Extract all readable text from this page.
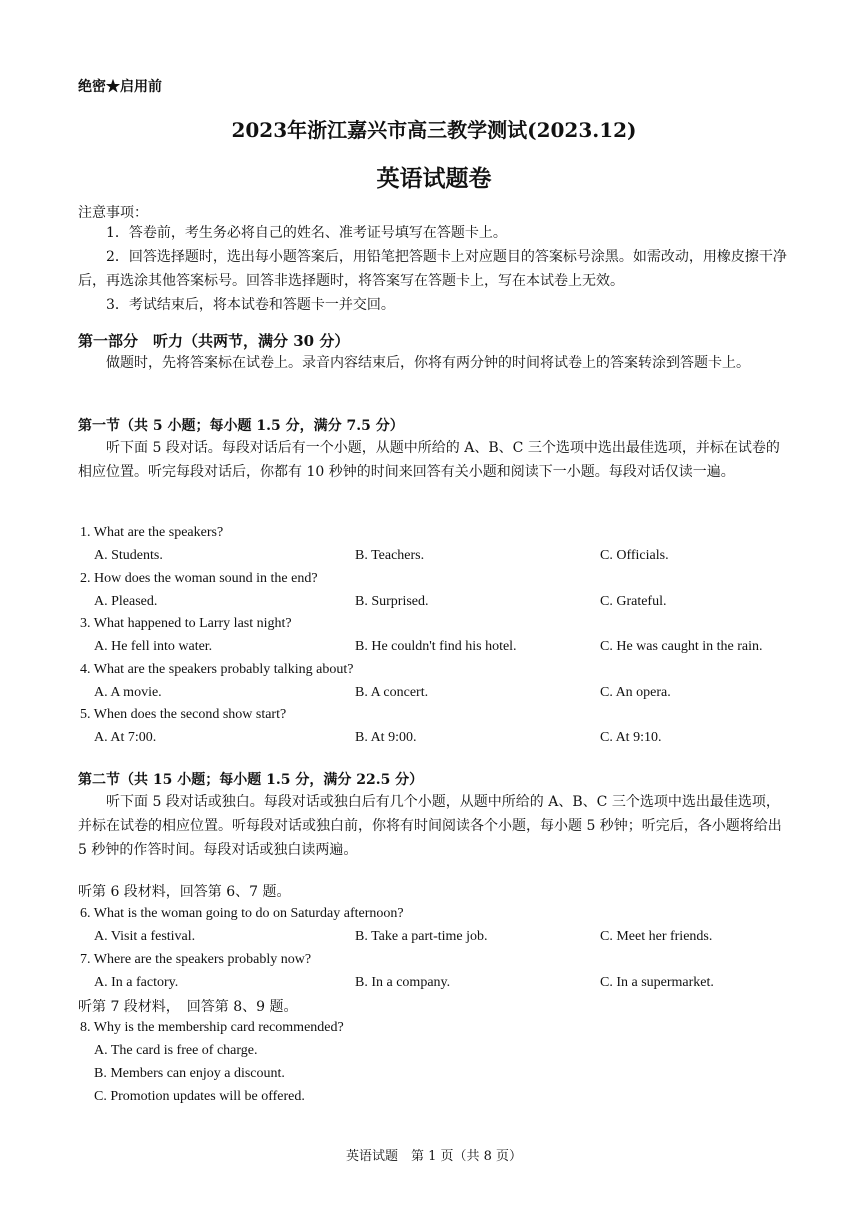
绝密★启用前
2023年浙江嘉兴市高三教学测试(2023.12)
英语试题卷
注意事项：
1．答卷前，考生务必将自己的姓名、准考证号填写在答题卡上。
2．回答选择题时，选出每小题答案后，用铅笔把答题卡上对应题目的答案标号涂黑。如需改动，用橡皮擦干净后，再选涂其他答案标号。回答非选择题时，将答案写在答题卡上，写在本试卷上无效。
3．考试结束后，将本试卷和答题卡一并交回。
第一部分　听力（共两节，满分 30 分）
做题时，先将答案标在试卷上。录音内容结束后，你将有两分钟的时间将试卷上的答案转涂到答题卡上。
第一节（共 5 小题；每小题 1.5 分，满分 7.5 分）
听下面 5 段对话。每段对话后有一个小题，从题中所给的 A、B、C 三个选项中选出最佳选项，并标在试卷的相应位置。听完每段对话后，你都有 10 秒钟的时间来回答有关小题和阅读下一小题。每段对话仅读一遍。
1. What are the speakers?
A. Students.	B. Teachers.	C. Officials.
2. How does the woman sound in the end?
A. Pleased.	B. Surprised.	C. Grateful.
3. What happened to Larry last night?
A. He fell into water.	B. He couldn't find his hotel.	C. He was caught in the rain.
4. What are the speakers probably talking about?
A. A movie.	B. A concert.	C. An opera.
5. When does the second show start?
A. At 7:00.	B. At 9:00.	C. At 9:10.
第二节（共 15 小题；每小题 1.5 分，满分 22.5 分）
听下面 5 段对话或独白。每段对话或独白后有几个小题，从题中所给的 A、B、C 三个选项中选出最佳选项，并标在试卷的相应位置。听每段对话或独白前，你将有时间阅读各个小题，每小题 5 秒钟；听完后，各小题将给出 5 秒钟的作答时间。每段对话或独白读两遍。
听第 6 段材料，回答第 6、7 题。
6. What is the woman going to do on Saturday afternoon?
A. Visit a festival.	B. Take a part-time job.	C. Meet her friends.
7. Where are the speakers probably now?
A. In a factory.	B. In a company.	C. In a supermarket.
听第 7 段材料，　回答第 8、9 题。
8. Why is the membership card recommended?
A. The card is free of charge.
B. Members can enjoy a discount.
C. Promotion updates will be offered.
英语试题　第 1 页（共 8 页）
